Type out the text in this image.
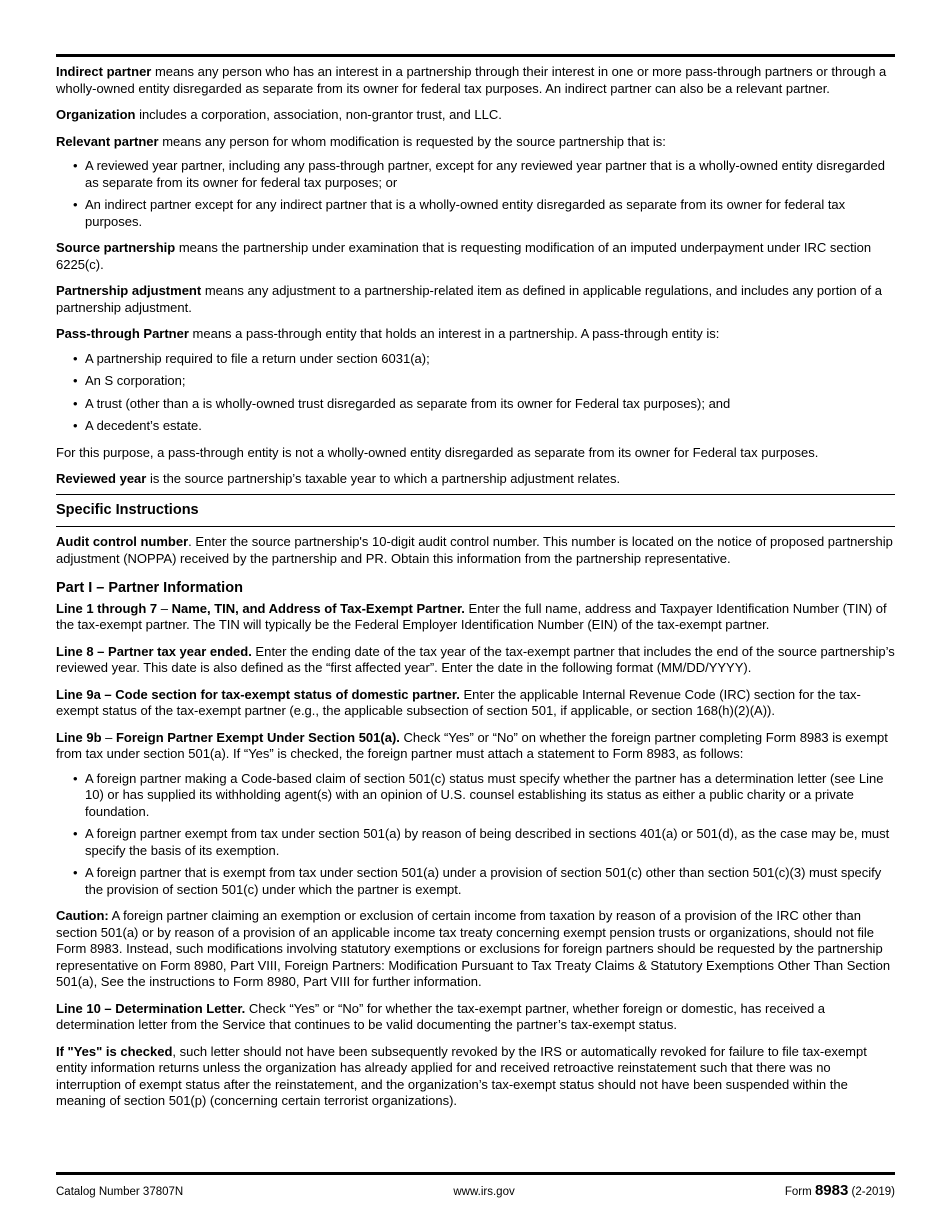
Indirect partner means any person who has an interest in a partnership through their interest in one or more pass-through partners or through a wholly-owned entity disregarded as separate from its owner for federal tax purposes. An indirect partner can also be a relevant partner.

Organization includes a corporation, association, non-grantor trust, and LLC.

Relevant partner means any person for whom modification is requested by the source partnership that is:

• A reviewed year partner, including any pass-through partner, except for any reviewed year partner that is a wholly-owned entity disregarded as separate from its owner for federal tax purposes; or
• An indirect partner except for any indirect partner that is a wholly-owned entity disregarded as separate from its owner for federal tax purposes.

Source partnership means the partnership under examination that is requesting modification of an imputed underpayment under IRC section 6225(c).

Partnership adjustment means any adjustment to a partnership-related item as defined in applicable regulations, and includes any portion of a partnership adjustment.

Pass-through Partner means a pass-through entity that holds an interest in a partnership. A pass-through entity is:

• A partnership required to file a return under section 6031(a);
• An S corporation;
• A trust (other than a is wholly-owned trust disregarded as separate from its owner for Federal tax purposes); and
• A decedent’s estate.

For this purpose, a pass-through entity is not a wholly-owned entity disregarded as separate from its owner for Federal tax purposes.

Reviewed year is the source partnership’s taxable year to which a partnership adjustment relates.

Specific Instructions

Audit control number. Enter the source partnership's 10-digit audit control number. This number is located on the notice of proposed partnership adjustment (NOPPA) received by the partnership and PR. Obtain this information from the partnership representative.

Part I – Partner Information

Line 1 through 7 – Name, TIN, and Address of Tax-Exempt Partner. Enter the full name, address and Taxpayer Identification Number (TIN) of the tax-exempt partner. The TIN will typically be the Federal Employer Identification Number (EIN) of the tax-exempt partner.

Line 8 – Partner tax year ended. Enter the ending date of the tax year of the tax-exempt partner that includes the end of the source partnership’s reviewed year. This date is also defined as the “first affected year”. Enter the date in the following format (MM/DD/YYYY).

Line 9a – Code section for tax-exempt status of domestic partner. Enter the applicable Internal Revenue Code (IRC) section for the tax-exempt status of the tax-exempt partner (e.g., the applicable subsection of section 501, if applicable, or section 168(h)(2)(A)).

Line 9b – Foreign Partner Exempt Under Section 501(a). Check “Yes” or “No” on whether the foreign partner completing Form 8983 is exempt from tax under section 501(a). If “Yes” is checked, the foreign partner must attach a statement to Form 8983, as follows:

• A foreign partner making a Code-based claim of section 501(c) status must specify whether the partner has a determination letter (see Line 10) or has supplied its withholding agent(s) with an opinion of U.S. counsel establishing its status as either a public charity or a private foundation.
• A foreign partner exempt from tax under section 501(a) by reason of being described in sections 401(a) or 501(d), as the case may be, must specify the basis of its exemption.
• A foreign partner that is exempt from tax under section 501(a) under a provision of section 501(c) other than section 501(c)(3) must specify the provision of section 501(c) under which the partner is exempt.

Caution: A foreign partner claiming an exemption or exclusion of certain income from taxation by reason of a provision of the IRC other than section 501(a) or by reason of a provision of an applicable income tax treaty concerning exempt pension trusts or organizations, should not file Form 8983. Instead, such modifications involving statutory exemptions or exclusions for foreign partners should be requested by the partnership representative on Form 8980, Part VIII, Foreign Partners: Modification Pursuant to Tax Treaty Claims & Statutory Exemptions Other Than Section 501(a), See the instructions to Form 8980, Part VIII for further information.

Line 10 – Determination Letter. Check “Yes” or “No” for whether the tax-exempt partner, whether foreign or domestic, has received a determination letter from the Service that continues to be valid documenting the partner’s tax-exempt status.

If "Yes" is checked, such letter should not have been subsequently revoked by the IRS or automatically revoked for failure to file tax-exempt entity information returns unless the organization has already applied for and received retroactive reinstatement such that there was no interruption of exempt status after the reinstatement, and the organization’s tax-exempt status should not have been suspended within the meaning of section 501(p) (concerning certain terrorist organizations).

Catalog Number 37807N	www.irs.gov	Form 8983 (2-2019)
